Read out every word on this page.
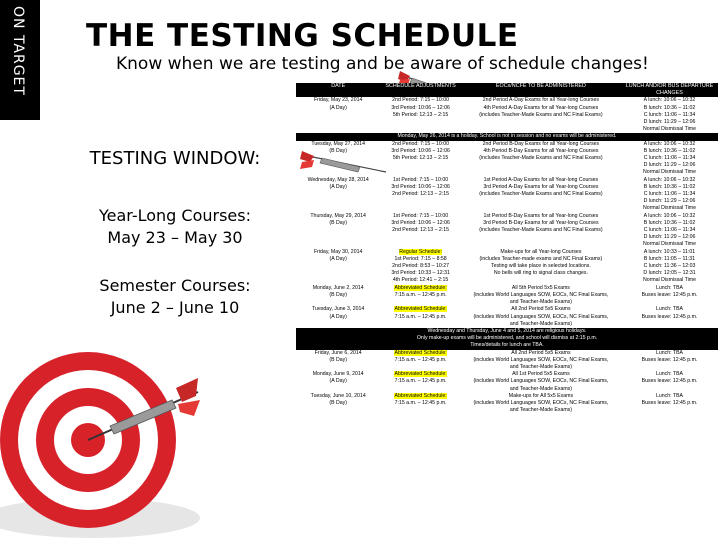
ON TARGET THE TESTING SCHEDULE
Know when we are testing and be aware of schedule changes!
TESTING WINDOW:
Year-Long Courses:
May 23 – May 30
Semester Courses:
June 2 – June 10
DATE	SCHEDULE ADJUSTMENTS	EOCs/NCFE TO BE ADMINISTERED	LUNCH AND/OR BUS DEPARTURE CHANGES

Friday, May 23, 2014
(A Day)	2nd Period: 7:15 – 10:00
3rd Period: 10:06 – 12:06
5th Period: 12:13 – 2:15	2nd Period A-Day Exams for all Year-long Courses
4th Period A-Day Exams for all Year-long Courses
(includes Teacher-Made Exams and NC Final Exams)	A lunch: 10:06 – 10:32
B lunch: 10:36 – 11:02
C lunch: 11:06 – 11:34
D lunch: 11:29 – 12:06
Normal Dismissal Time

Monday, May 26, 2014 is a holiday. School is not in session and no exams will be administered.			

Tuesday, May 27, 2014
(B Day)	2nd Period: 7:15 – 10:00
3rd Period: 10:06 – 12:06
5th Period: 12:13 – 2:15	2nd Period B-Day Exams for all Year-long Courses
4th Period B-Day Exams for all Year-long Courses
(includes Teacher-Made Exams and NC Final Exams)	A lunch: 10:06 – 10:32
B lunch: 10:36 – 11:02
C lunch: 11:06 – 11:34
D lunch: 11:29 – 12:06
Normal Dismissal Time

Wednesday, May 28, 2014
(A Day)	1st Period: 7:15 – 10:00
3rd Period: 10:06 – 12:06
2nd Period: 12:13 – 2:15	1st Period A-Day Exams for all Year-long Courses
3rd Period A-Day Exams for all Year-long Courses
(includes Teacher-Made Exams and NC Final Exams)	A lunch: 10:06 – 10:32
B lunch: 10:36 – 11:02
C lunch: 11:06 – 11:34
D lunch: 11:29 – 12:06
Normal Dismissal Time

Thursday, May 29, 2014
(B Day)	1st Period: 7:15 – 10:00
3rd Period: 10:06 – 12:06
2nd Period: 12:13 – 2:15	1st Period B-Day Exams for all Year-long Courses
3rd Period B-Day Exams for all Year-long Courses
(includes Teacher-Made Exams and NC Final Exams)	A lunch: 10:06 – 10:32
B lunch: 10:36 – 11:02
C lunch: 11:06 – 11:34
D lunch: 11:29 – 12:06
Normal Dismissal Time

Friday, May 30, 2014
(A Day)	Regular Schedule:
1st Period: 7:15 – 8:58
2nd Period: 8:53 – 10:27
3rd Period: 10:33 – 12:31
4th Period: 12:41 – 2:15	Make-ups for all Year-long Courses
(includes Teacher-made exams and NC Final Exams)
Testing will take place in selected locations.
No bells will ring to signal class changes.	A lunch: 10:33 – 11:01
B lunch: 11:05 – 11:31
C lunch: 11:36 – 12:03
D lunch: 12:05 – 12:31
Normal Dismissal Time

Monday, June 2, 2014
(B Day)	Abbreviated Schedule:
7:15 a.m. – 12:45 p.m.	All 5th Period 5x5 Exams
(includes World Languages SOW, EOCs, NC Final Exams,
and Teacher-Made Exams)	Lunch: TBA
Buses leave: 12:45 p.m.

Tuesday, June 3, 2014
(A Day)	Abbreviated Schedule:
7:15 a.m. – 12:45 p.m.	All 2nd Period 5x5 Exams
(includes World Languages SOW, EOCs, NC Final Exams,
and Teacher-Made Exams)	Lunch: TBA
Buses leave: 12:45 p.m.

Wednesday and Thursday, June 4 and 5, 2014 are religious holidays.
Only make-up exams will be administered, and school will dismiss at 2:15 p.m.
Times/details for lunch are TBA.			

Friday, June 6, 2014
(B Day)	Abbreviated Schedule:
7:15 a.m. – 12:45 p.m.	All 2nd Period 5x5 Exams
(includes World Languages SOW, EOCs, NC Final Exams,
and Teacher-Made Exams)	Lunch: TBA
Buses leave: 12:45 p.m.

Monday, June 9, 2014
(A Day)	Abbreviated Schedule:
7:15 a.m. – 12:45 p.m.	All 1st Period 5x5 Exams
(includes World Languages SOW, EOCs, NC Final Exams,
and Teacher-Made Exams)	Lunch: TBA
Buses leave: 12:45 p.m.

Tuesday, June 10, 2014
(B Day)	Abbreviated Schedule:
7:15 a.m. – 12:45 p.m.	Make-ups for All 5x5 Exams
(includes World Languages SOW, EOCs, NC Final Exams,
and Teacher-Made Exams)	Lunch: TBA
Buses leave: 12:45 p.m.
